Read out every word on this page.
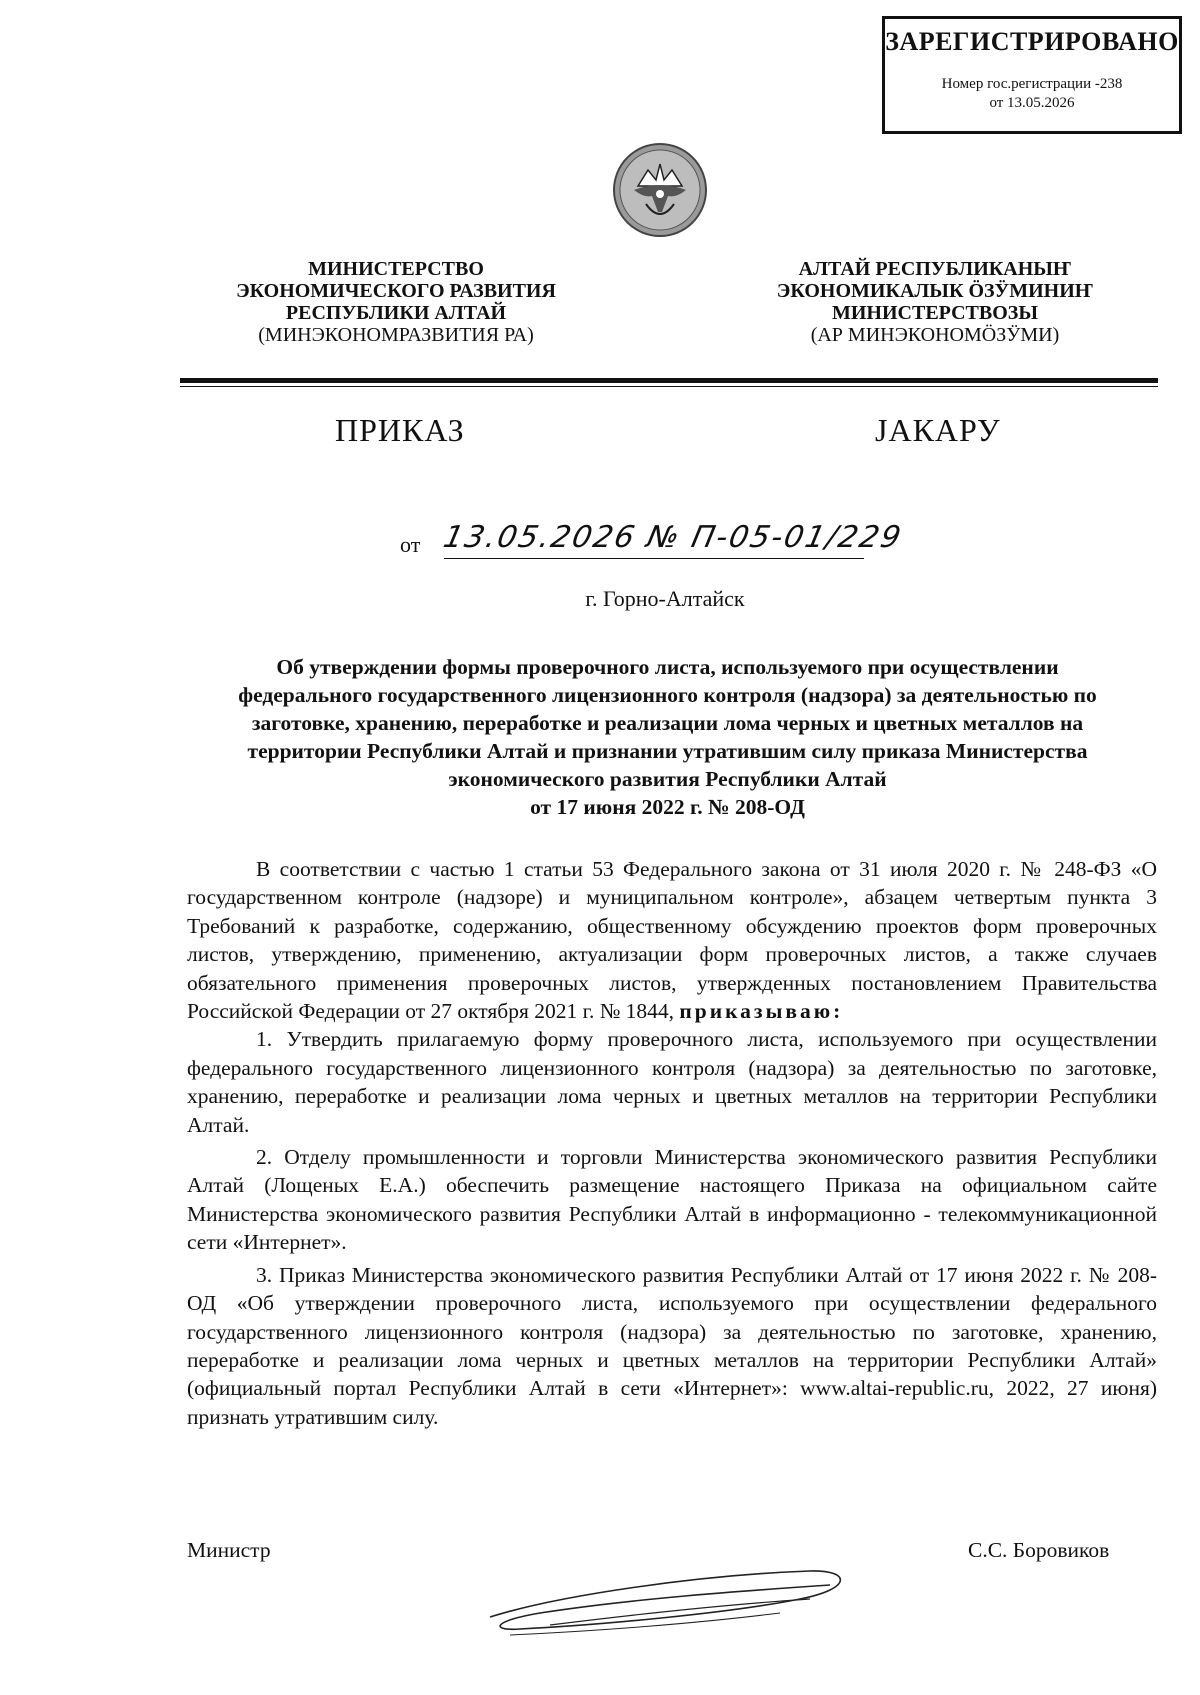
ЗАРЕГИСТРИРОВАНО
Номер гос.регистрации -238
от 13.05.2026
МИНИСТЕРСТВО
ЭКОНОМИЧЕСКОГО РАЗВИТИЯ
РЕСПУБЛИКИ АЛТАЙ
(МИНЭКОНОМРАЗВИТИЯ РА)
АЛТАЙ РЕСПУБЛИКАНЫҤ
ЭКОНОМИКАЛЫК ӦЗӰМИНИҤ
МИНИСТЕРСТВОЗЫ
(АР МИНЭКОНОМӦЗӰМИ)
ПРИКАЗ	ЈАКАРУ
от 13.05.2026 № П-05-01/229
г. Горно-Алтайск
Об утверждении формы проверочного листа, используемого при осуществлении
федерального государственного лицензионного контроля (надзора) за деятельностью по
заготовке, хранению, переработке и реализации лома черных и цветных металлов на
территории Республики Алтай и признании утратившим силу приказа Министерства
экономического развития Республики Алтай
от 17 июня 2022 г. № 208-ОД

В соответствии с частью 1 статьи 53 Федерального закона от 31 июля 2020 г. № 248-ФЗ «О государственном контроле (надзоре) и муниципальном контроле», абзацем четвертым пункта 3 Требований к разработке, содержанию, общественному обсуждению проектов форм проверочных листов, утверждению, применению, актуализации форм проверочных листов, а также случаев обязательного применения проверочных листов, утвержденных постановлением Правительства Российской Федерации от 27 октября 2021 г. № 1844, приказываю:

1. Утвердить прилагаемую форму проверочного листа, используемого при осуществлении федерального государственного лицензионного контроля (надзора) за деятельностью по заготовке, хранению, переработке и реализации лома черных и цветных металлов на территории Республики Алтай.

2. Отделу промышленности и торговли Министерства экономического развития Республики Алтай (Лощеных Е.А.) обеспечить размещение настоящего Приказа на официальном сайте Министерства экономического развития Республики Алтай в информационно - телекоммуникационной сети «Интернет».

3. Приказ Министерства экономического развития Республики Алтай от 17 июня 2022 г. № 208-ОД «Об утверждении проверочного листа, используемого при осуществлении федерального государственного лицензионного контроля (надзора) за деятельностью по заготовке, хранению, переработке и реализации лома черных и цветных металлов на территории Республики Алтай» (официальный портал Республики Алтай в сети «Интернет»: www.altai-republic.ru, 2022, 27 июня) признать утратившим силу.

Министр	С.С. Боровиков
